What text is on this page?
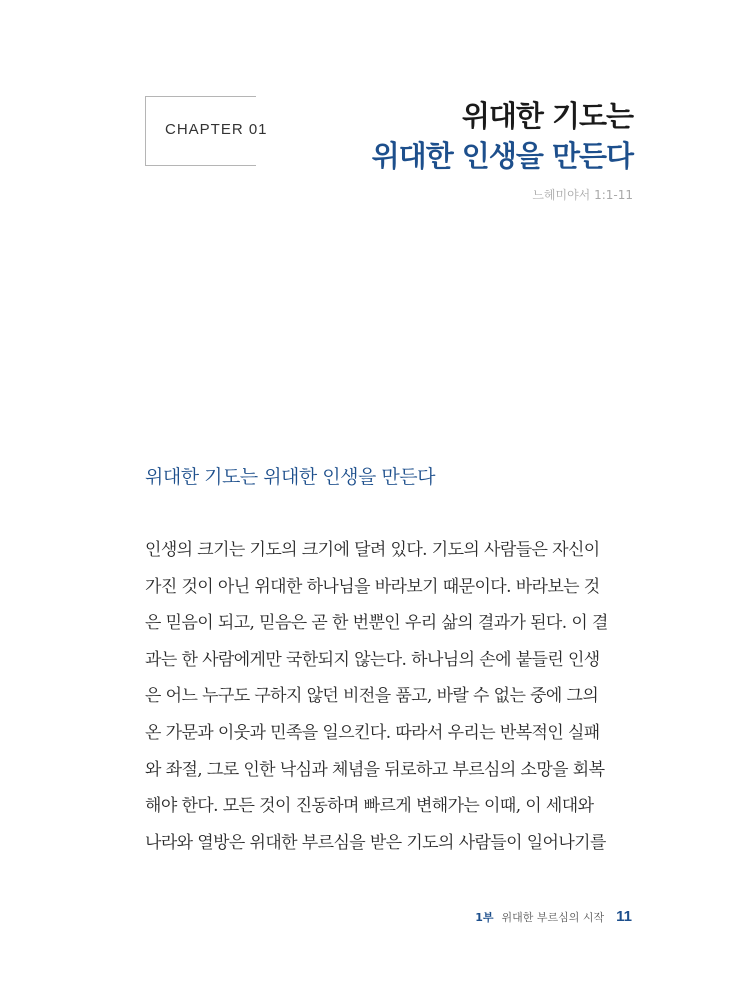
CHAPTER 01	위대한 기도는
위대한 인생을 만든다
느헤미야서 1:1-11
위대한 기도는 위대한 인생을 만든다
인생의 크기는 기도의 크기에 달려 있다. 기도의 사람들은 자신이
가진 것이 아닌 위대한 하나님을 바라보기 때문이다. 바라보는 것
은 믿음이 되고, 믿음은 곧 한 번뿐인 우리 삶의 결과가 된다. 이 결
과는 한 사람에게만 국한되지 않는다. 하나님의 손에 붙들린 인생
은 어느 누구도 구하지 않던 비전을 품고, 바랄 수 없는 중에 그의
온 가문과 이웃과 민족을 일으킨다. 따라서 우리는 반복적인 실패
와 좌절, 그로 인한 낙심과 체념을 뒤로하고 부르심의 소망을 회복
해야 한다. 모든 것이 진동하며 빠르게 변해가는 이때, 이 세대와
나라와 열방은 위대한 부르심을 받은 기도의 사람들이 일어나기를
1부 위대한 부르심의 시작 11
